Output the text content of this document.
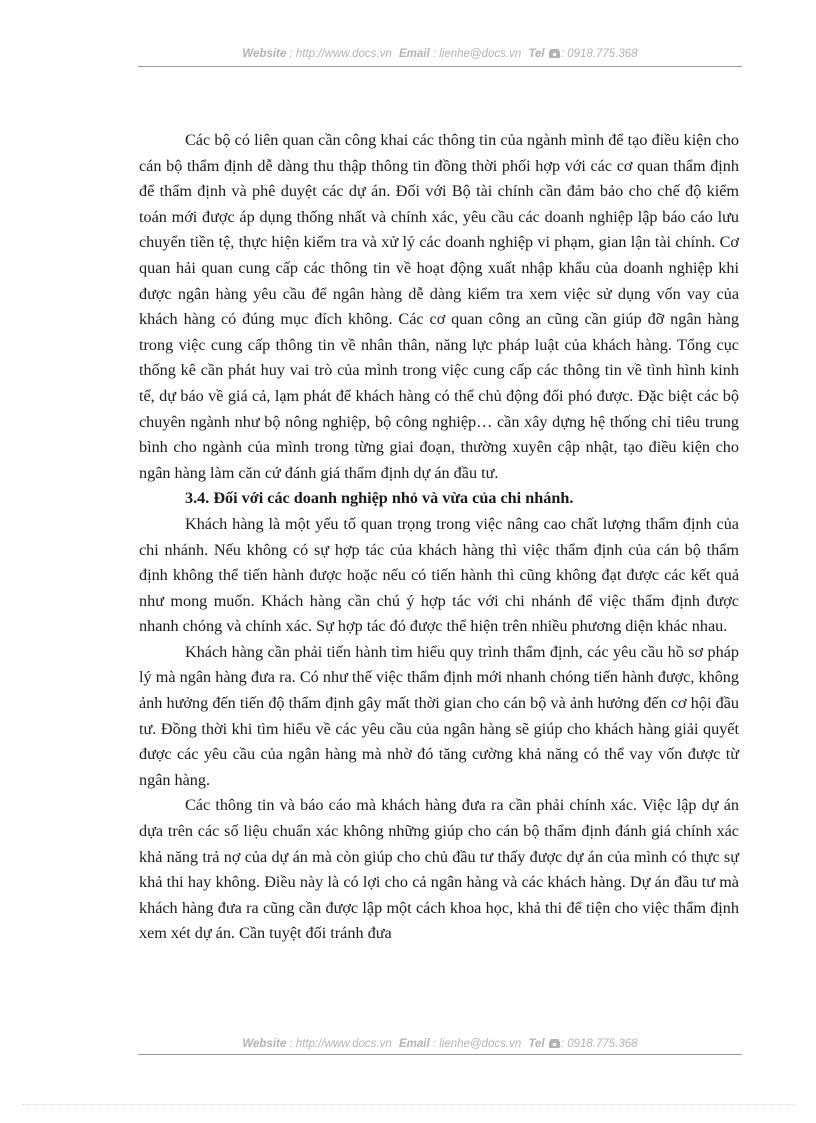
Website : http://www.docs.vn Email : lienhe@docs.vn Tel : 0918.775.368

Các bộ có liên quan cần công khai các thông tin của ngành mình để tạo điều kiện cho cán bộ thẩm định dễ dàng thu thập thông tin đồng thời phối hợp với các cơ quan thẩm định để thẩm định và phê duyệt các dự án. Đối với Bộ tài chính cần đảm bảo cho chế độ kiểm toán mới được áp dụng thống nhất và chính xác, yêu cầu các doanh nghiệp lập báo cáo lưu chuyển tiền tệ, thực hiện kiểm tra và xử lý các doanh nghiệp vi phạm, gian lận tài chính. Cơ quan hải quan cung cấp các thông tin về hoạt động xuất nhập khẩu của doanh nghiệp khi được ngân hàng yêu cầu để ngân hàng dễ dàng kiểm tra xem việc sử dụng vốn vay của khách hàng có đúng mục đích không. Các cơ quan công an cũng cần giúp đỡ ngân hàng trong việc cung cấp thông tin về nhân thân, năng lực pháp luật của khách hàng. Tổng cục thống kê cần phát huy vai trò của mình trong việc cung cấp các thông tin về tình hình kinh tế, dự báo về giá cả, lạm phát để khách hàng có thể chủ động đối phó được. Đặc biệt các bộ chuyên ngành như bộ nông nghiệp, bộ công nghiệp… cần xây dựng hệ thống chỉ tiêu trung bình cho ngành của mình trong từng giai đoạn, thường xuyên cập nhật, tạo điều kiện cho ngân hàng làm căn cứ đánh giá thẩm định dự án đầu tư.

3.4. Đối với các doanh nghiệp nhỏ và vừa của chi nhánh.

Khách hàng là một yếu tố quan trọng trong việc nâng cao chất lượng thẩm định của chi nhánh. Nếu không có sự hợp tác của khách hàng thì việc thẩm định của cán bộ thẩm định không thể tiến hành được hoặc nếu có tiến hành thì cũng không đạt được các kết quả như mong muốn. Khách hàng cần chú ý hợp tác với chi nhánh để việc thẩm định được nhanh chóng và chính xác. Sự hợp tác đó được thể hiện trên nhiều phương diện khác nhau.

Khách hàng cần phải tiến hành tìm hiểu quy trình thẩm định, các yêu cầu hồ sơ pháp lý mà ngân hàng đưa ra. Có như thế việc thẩm định mới nhanh chóng tiến hành được, không ảnh hưởng đến tiến độ thẩm định gây mất thời gian cho cán bộ và ảnh hưởng đến cơ hội đầu tư. Đồng thời khi tìm hiểu về các yêu cầu của ngân hàng sẽ giúp cho khách hàng giải quyết được các yêu cầu của ngân hàng mà nhờ đó tăng cường khả năng có thể vay vốn được từ ngân hàng.

Các thông tin và báo cáo mà khách hàng đưa ra cần phải chính xác. Việc lập dự án dựa trên các số liệu chuẩn xác không những giúp cho cán bộ thẩm định đánh giá chính xác khả năng trả nợ của dự án mà còn giúp cho chủ đầu tư thấy được dự án của mình có thực sự khả thi hay không. Điều này là có lợi cho cả ngân hàng và các khách hàng. Dự án đầu tư mà khách hàng đưa ra cũng cần được lập một cách khoa học, khả thi để tiện cho việc thẩm định xem xét dự án. Cần tuyệt đối tránh đưa

Website : http://www.docs.vn Email : lienhe@docs.vn Tel : 0918.775.368
